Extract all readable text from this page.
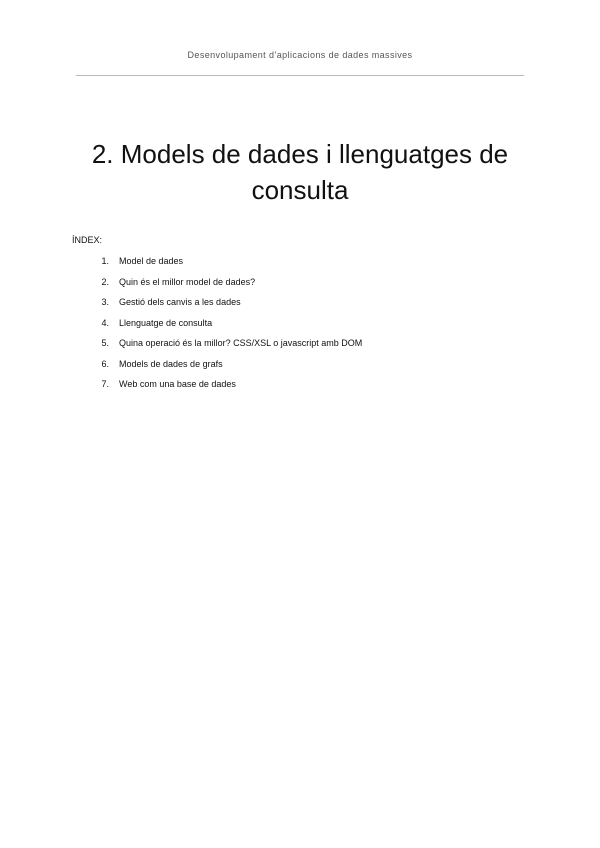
Desenvolupament d’aplicacions de dades massives
2. Models de dades i llenguatges de
consulta
ÍNDEX:
1.
Model de dades
2.
Quin és el millor model de dades?
3.
Gestió dels canvis a les dades
4.
Llenguatge de consulta
5.
Quina operació és la millor? CSS/XSL o javascript amb DOM
6.
Models de dades de grafs
7.
Web com una base de dades
